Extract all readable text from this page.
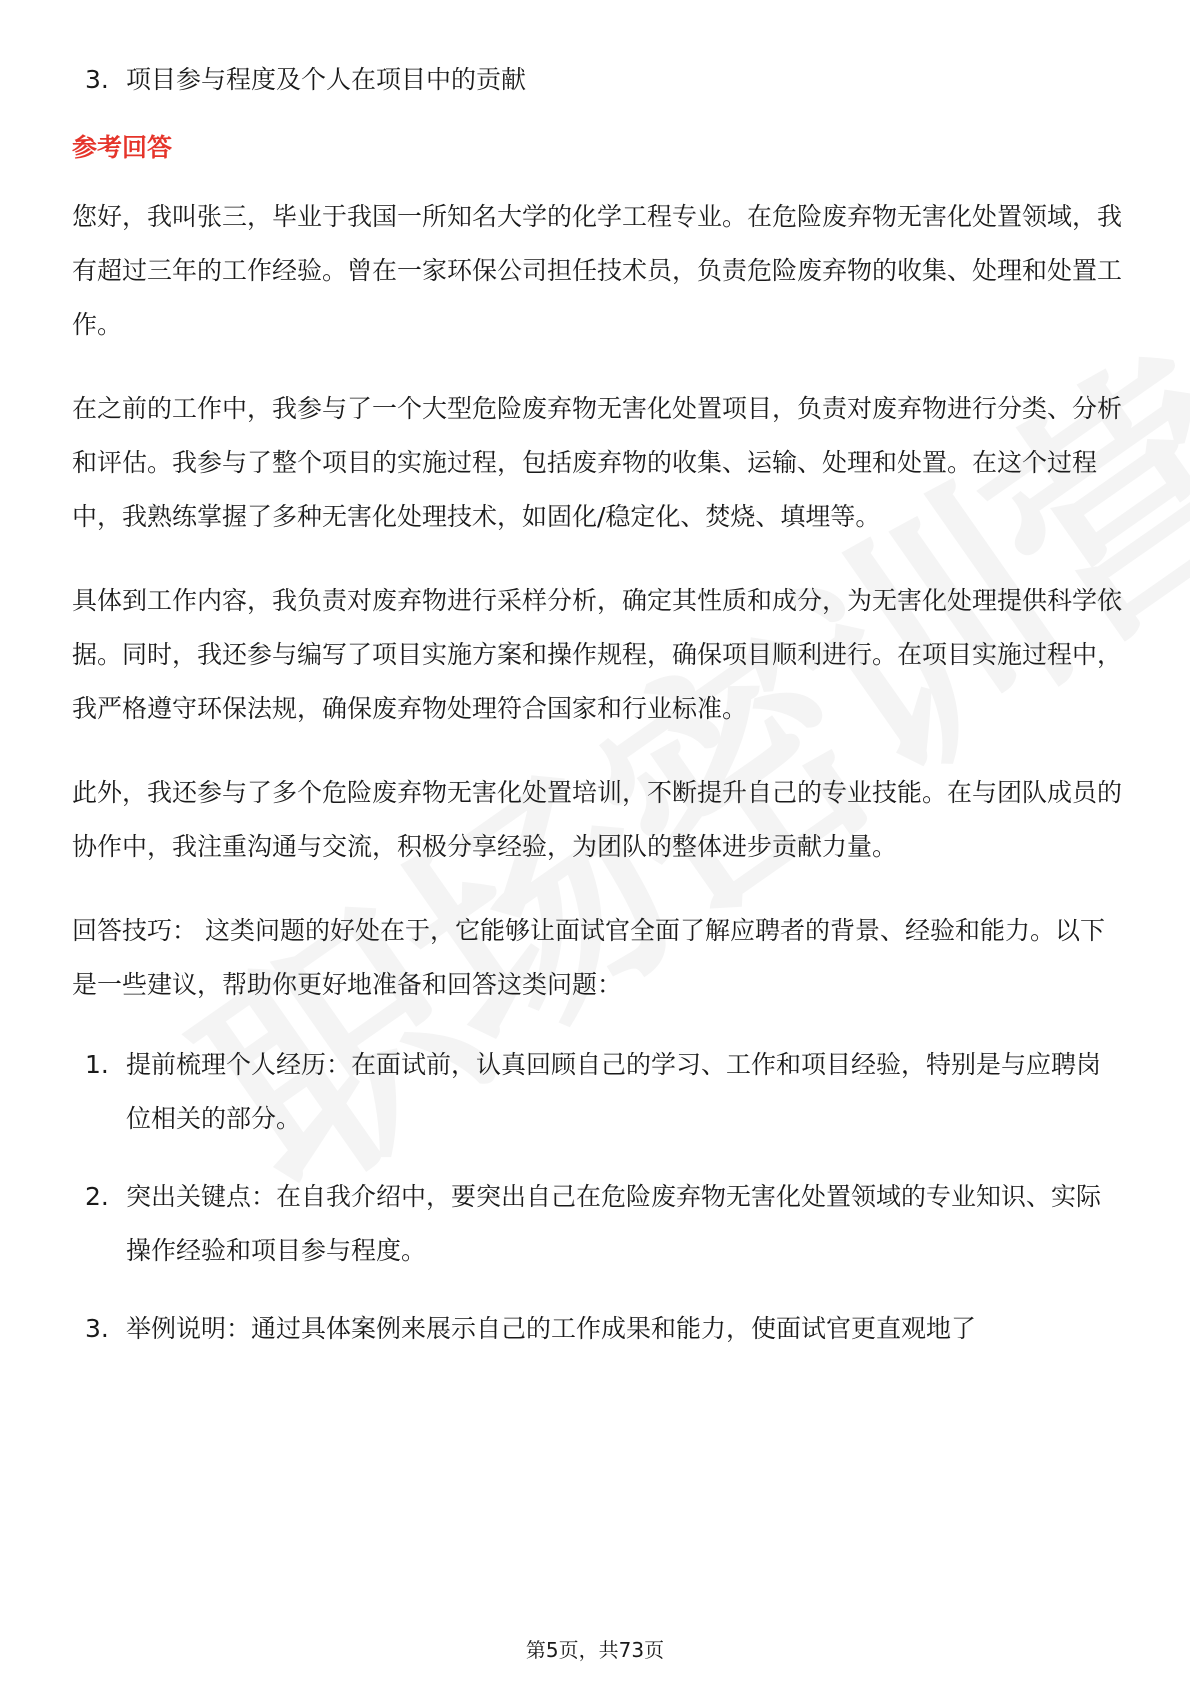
3. 项目参与程度及个人在项目中的贡献
参考回答
您好，我叫张三，毕业于我国一所知名大学的化学工程专业。在危险废弃物无害化处置领域，我有超过三年的工作经验。曾在一家环保公司担任技术员，负责危险废弃物的收集、处理和处置工作。
在之前的工作中，我参与了一个大型危险废弃物无害化处置项目，负责对废弃物进行分类、分析和评估。我参与了整个项目的实施过程，包括废弃物的收集、运输、处理和处置。在这个过程中，我熟练掌握了多种无害化处理技术，如固化/稳定化、焚烧、填埋等。
具体到工作内容，我负责对废弃物进行采样分析，确定其性质和成分，为无害化处理提供科学依据。同时，我还参与编写了项目实施方案和操作规程，确保项目顺利进行。在项目实施过程中，我严格遵守环保法规，确保废弃物处理符合国家和行业标准。
此外，我还参与了多个危险废弃物无害化处置培训，不断提升自己的专业技能。在与团队成员的协作中，我注重沟通与交流，积极分享经验，为团队的整体进步贡献力量。
回答技巧： 这类问题的好处在于，它能够让面试官全面了解应聘者的背景、经验和能力。以下是一些建议，帮助你更好地准备和回答这类问题：
1. 提前梳理个人经历：在面试前，认真回顾自己的学习、工作和项目经验，特别是与应聘岗位相关的部分。
2. 突出关键点：在自我介绍中，要突出自己在危险废弃物无害化处置领域的专业知识、实际操作经验和项目参与程度。
3. 举例说明：通过具体案例来展示自己的工作成果和能力，使面试官更直观地了
第5页，共73页
